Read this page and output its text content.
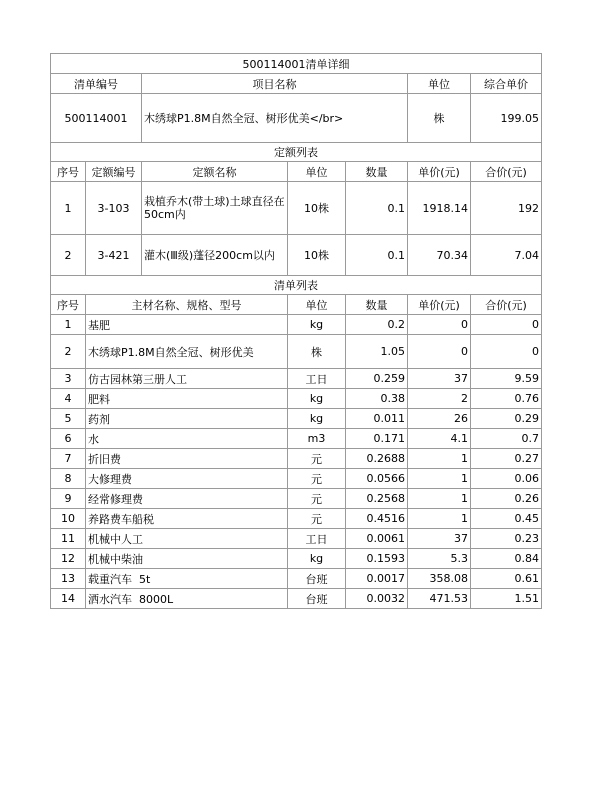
500114001清单详细						
清单编号		项目名称			单位	综合单价
500114001		木绣球P1.8M自然全冠、树形优美</br>			株	199.05
定额列表						
序号	定额编号	定额名称	单位	数量	单价(元)	合价(元)
1	3-103	栽植乔木(带土球)土球直径在50cm内	10株	0.1	1918.14	192
2	3-421	灌木(Ⅲ级)蓬径200cm以内	10株	0.1	70.34	7.04
清单列表						
序号	主材名称、规格、型号		单位	数量	单价(元)	合价(元)
1	基肥		kg	0.2	0	0
2	木绣球P1.8M自然全冠、树形优美		株	1.05	0	0
3	仿古园林第三册人工		工日	0.259	37	9.59
4	肥料		kg	0.38	2	0.76
5	药剂		kg	0.011	26	0.29
6	水		m3	0.171	4.1	0.7
7	折旧费		元	0.2688	1	0.27
8	大修理费		元	0.0566	1	0.06
9	经常修理费		元	0.2568	1	0.26
10	养路费车船税		元	0.4516	1	0.45
11	机械中人工		工日	0.0061	37	0.23
12	机械中柴油		kg	0.1593	5.3	0.84
13	载重汽车  5t		台班	0.0017	358.08	0.61
14	洒水汽车  8000L		台班	0.0032	471.53	1.51
